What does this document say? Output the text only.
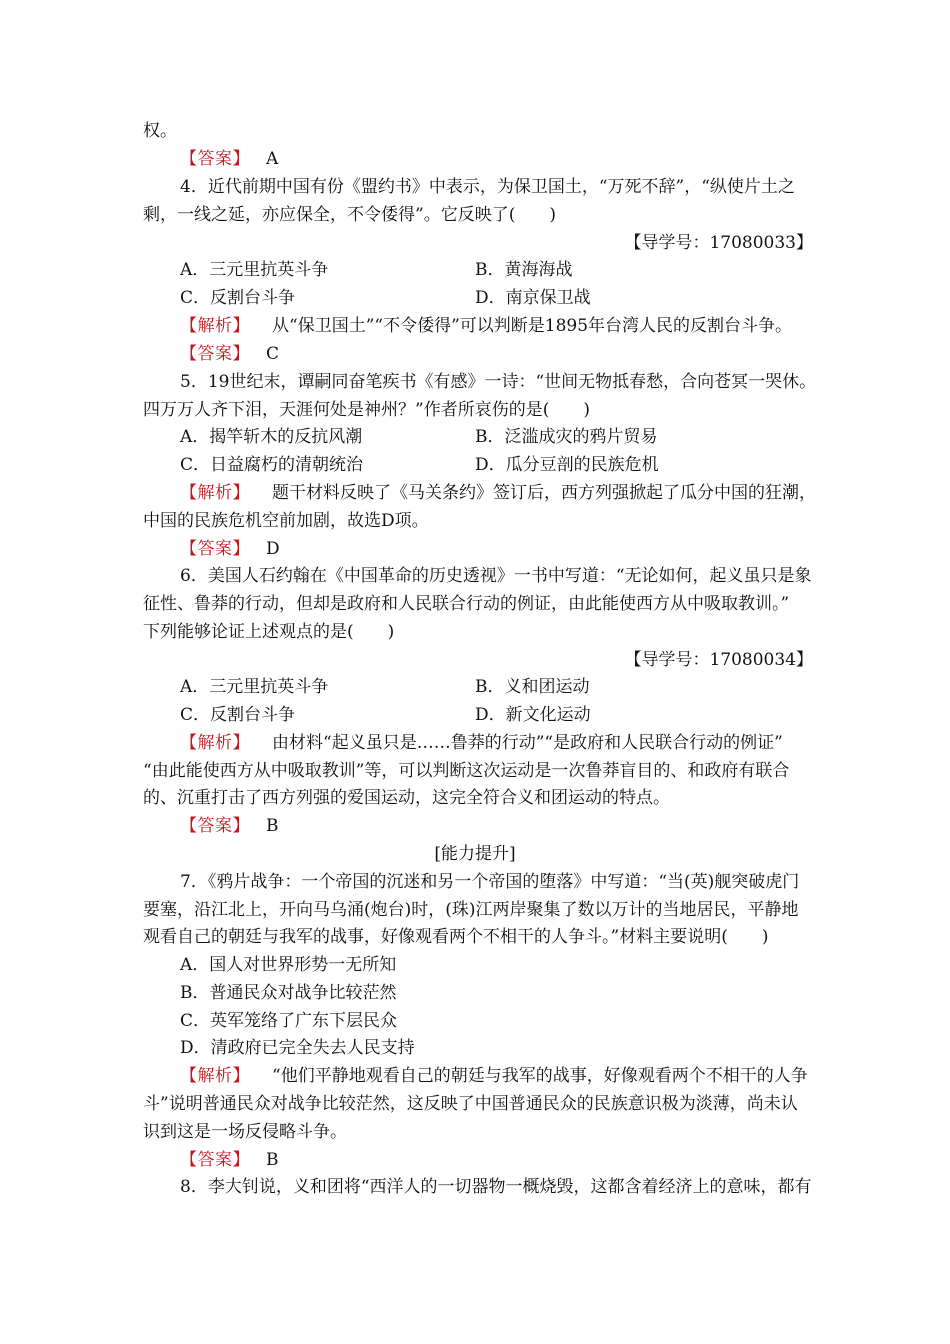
权。
【答案】 A
4．近代前期中国有份《盟约书》中表示，为保卫国土，“万死不辞”，“纵使片土之
剩，一线之延，亦应保全，不令倭得”。它反映了(　　)
【导学号：17080033】
A．三元里抗英斗争	B．黄海海战
C．反割台斗争	D．南京保卫战
【解析】 从“保卫国土”“不令倭得”可以判断是1895年台湾人民的反割台斗争。
【答案】 C
5．19世纪末，谭嗣同奋笔疾书《有感》一诗：“世间无物抵春愁，合向苍冥一哭休。
四万万人齐下泪，天涯何处是神州？”作者所哀伤的是(　　)
A．揭竿斩木的反抗风潮	B．泛滥成灾的鸦片贸易
C．日益腐朽的清朝统治	D．瓜分豆剖的民族危机
【解析】 题干材料反映了《马关条约》签订后，西方列强掀起了瓜分中国的狂潮，
中国的民族危机空前加剧，故选D项。
【答案】 D
6．美国人石约翰在《中国革命的历史透视》一书中写道：“无论如何，起义虽只是象
征性、鲁莽的行动，但却是政府和人民联合行动的例证，由此能使西方从中吸取教训。”
下列能够论证上述观点的是(　　)
【导学号：17080034】
A．三元里抗英斗争	B．义和团运动
C．反割台斗争	D．新文化运动
【解析】 由材料“起义虽只是……鲁莽的行动”“是政府和人民联合行动的例证”
“由此能使西方从中吸取教训”等，可以判断这次运动是一次鲁莽盲目的、和政府有联合
的、沉重打击了西方列强的爱国运动，这完全符合义和团运动的特点。
【答案】 B
[能力提升]
7．《鸦片战争：一个帝国的沉迷和另一个帝国的堕落》中写道：“当(英)舰突破虎门
要塞，沿江北上，开向马乌涌(炮台)时，(珠)江两岸聚集了数以万计的当地居民，平静地
观看自己的朝廷与我军的战事，好像观看两个不相干的人争斗。”材料主要说明(　　)
A．国人对世界形势一无所知
B．普通民众对战争比较茫然
C．英军笼络了广东下层民众
D．清政府已完全失去人民支持
【解析】 “他们平静地观看自己的朝廷与我军的战事，好像观看两个不相干的人争
斗”说明普通民众对战争比较茫然，这反映了中国普通民众的民族意识极为淡薄，尚未认
识到这是一场反侵略斗争。
【答案】 B
8．李大钊说，义和团将“西洋人的一切器物一概烧毁，这都含着经济上的意味，都有
